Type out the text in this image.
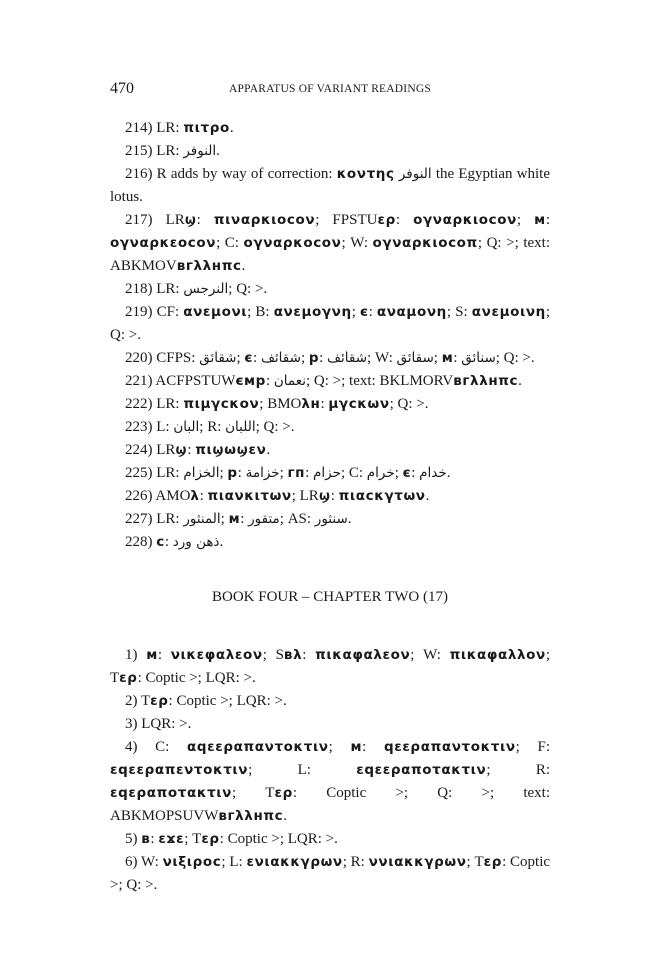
470	APPARATUS OF VARIANT READINGS

214) LR: πιτρο.

215) LR: النوفر.

216) R adds by way of correction: κοντης النوفر the Egyptian white lotus.

217) LRϣ: πιναρκιοcον; FPSTUερ: ογναρκιοcον; м: ογναρκεοcον; C: ογναρκοcον; W: ογναρκιοcοπ; Q: >; text: ABKMOVвгλλнπc.

218) LR: النرجس; Q: >.

219) CF: ανεμονι; B: ανεμογνη; є: αναμονη; S: ανεμοινη; Q: >.

220) CFPS: شقائق; є: شقائف; р: شقائف; W: سقائق; м: سنائق; Q: >.

221) ACFPSTUWємр: نعمان; Q: >; text: BKLMORVвгλλнπc.

222) LR: πιμγcκον; BMOλн: μγcκων; Q: >.

223) L: البان; R: اللبان; Q: >.

224) LRϣ: πιϣωϣεν.

225) LR: الخزام; р: خزامة; гп: حزام; C: خرام; є: خدام.

226) AMOλ: πιανκιτων; LRϣ: πιαcκγτων.

227) LR: المنثور; м: متقور; AS: سنثور.

228) c: ذهن ورد.

BOOK FOUR – CHAPTER TWO (17)

1) м: νικεφαλεον; Sвλ: πικαφαλεον; W: πικαφαλλον; Tερ: Coptic >; LQR: >.

2) Tερ: Coptic >; LQR: >.

3) LQR: >.

4) C: αqεεραπαντοκτιν; м: qεεραπαντοκτιν; F: εqεεραπεντοκτιν; L: εqεεραποτακτιν; R: εqεραποτακτιν; Tερ: Coptic >; Q: >; text: ABKMOPSUVWвгλλнπc.

5) в: εϫε; Tερ: Coptic >; LQR: >.

6) W: νιξιροc; L: ενιακκγρων; R: ννιακκγρων; Tερ: Coptic >; Q: >.
